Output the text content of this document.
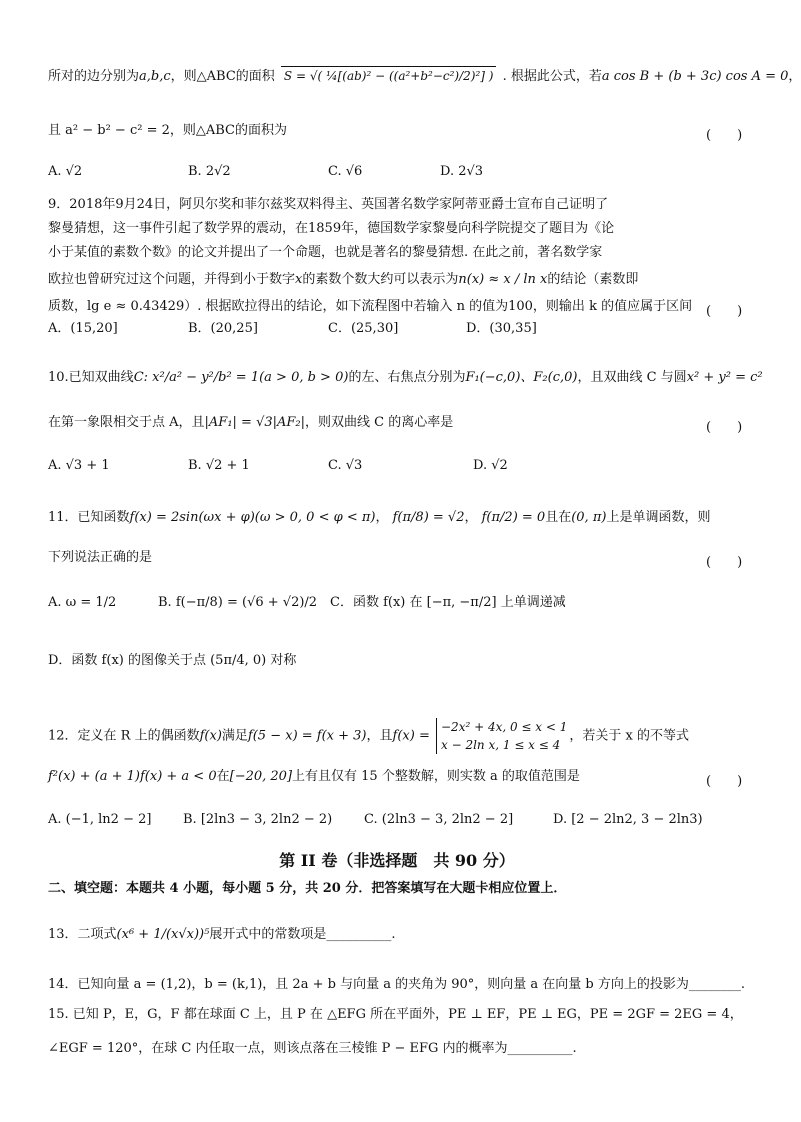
所对的边分别为a,b,c，则△ABC的面积 S = √( ¼[(ab)² − ((a²+b²−c²)/2)²] ) . 根据此公式，若a cos B + (b + 3c) cos A = 0，
且 a² − b² − c² = 2，则△ABC的面积为	(　　)
A. √2	B. 2√2	C. √6	D. 2√3
9．2018年9月24日，阿贝尔奖和菲尔兹奖双料得主、英国著名数学家阿蒂亚爵士宣布自己证明了
黎曼猜想，这一事件引起了数学界的震动，在1859年，德国数学家黎曼向科学院提交了题目为《论
小于某值的素数个数》的论文并提出了一个命题，也就是著名的黎曼猜想. 在此之前，著名数学家
欧拉也曾研究过这个问题，并得到小于数字x的素数个数大约可以表示为n(x) ≈ x / ln x的结论（素数即
质数，lg e ≈ 0.43429）. 根据欧拉得出的结论，如下流程图中若输入 n 的值为100，则输出 k 的值应属于区间 (　　)
A．(15,20]	B．(20,25]	C．(25,30]	D．(30,35]
10.已知双曲线C: x²/a² − y²/b² = 1(a > 0, b > 0)的左、右焦点分别为F₁(−c,0)、F₂(c,0)，且双曲线 C 与圆x² + y² = c²
在第一象限相交于点 A，且|AF₁| = √3|AF₂|，则双曲线 C 的离心率是	(　　)
A. √3 + 1	B. √2 + 1	C. √3	D. √2
11．已知函数f(x) = 2sin(ωx + φ)(ω > 0, 0 < φ < π)， f(π/8) = √2， f(π/2) = 0且在(0, π)上是单调函数，则
下列说法正确的是	(　　)
A. ω = 1/2	B. f(−π/8) = (√6 + √2)/2 C．函数 f(x) 在 [−π, −π/2] 上单调递减
D．函数 f(x) 的图像关于点 (5π/4, 0) 对称
12．定义在 R 上的偶函数f(x)满足f(5 − x) = f(x + 3)，且f(x) =
−2x² + 4x, 0 ≤ x < 1
x − 2ln x, 1 ≤ x ≤ 4
，若关于 x 的不等式
f²(x) + (a + 1)f(x) + a < 0在[−20, 20]上有且仅有 15 个整数解，则实数 a 的取值范围是	(　　)
A. (−1, ln2 − 2] B. [2ln3 − 3, 2ln2 − 2) C. (2ln3 − 3, 2ln2 − 2]	D. [2 − 2ln2, 3 − 2ln3)
第 II 卷（非选择题　共 90 分）
二、填空题：本题共 4 小题，每小题 5 分，共 20 分．把答案填写在大题卡相应位置上．
13．二项式(x⁶ + 1/(x√x))⁵展开式中的常数项是__________.
14．已知向量 a = (1,2)，b = (k,1)，且 2a + b 与向量 a 的夹角为 90°，则向量 a 在向量 b 方向上的投影为________.
15. 已知 P，E，G，F 都在球面 C 上，且 P 在 △EFG 所在平面外，PE ⊥ EF，PE ⊥ EG，PE = 2GF = 2EG = 4，
∠EGF = 120°，在球 C 内任取一点，则该点落在三棱锥 P − EFG 内的概率为__________.
